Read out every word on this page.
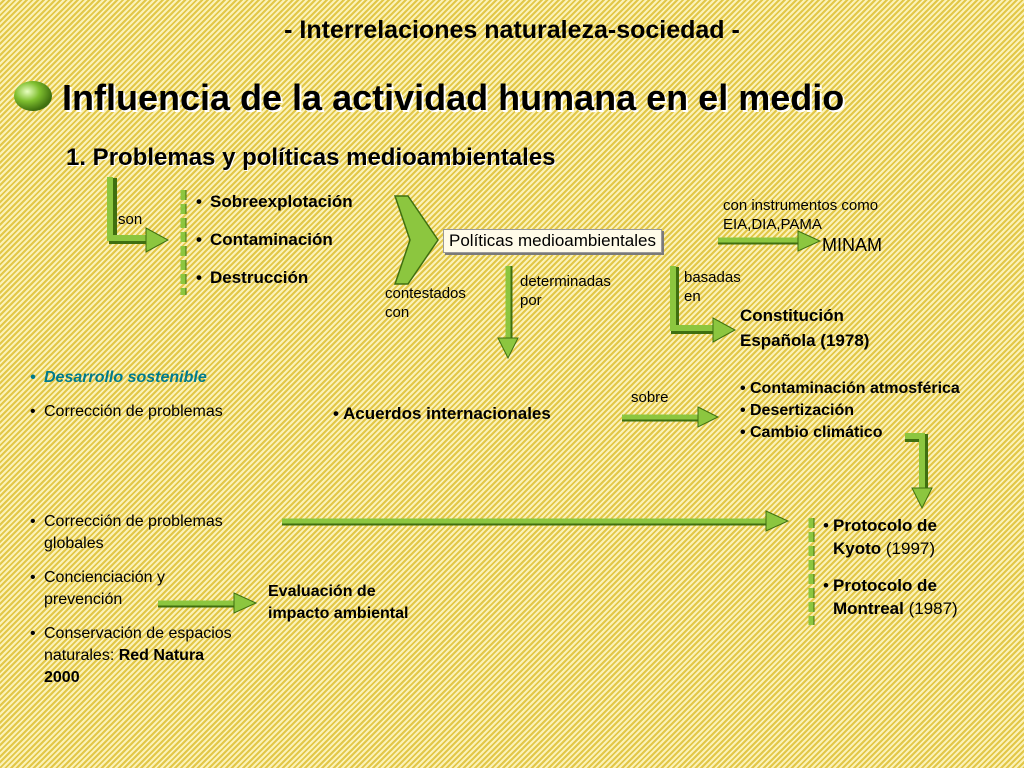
- Interrelaciones naturaleza-sociedad -
Influencia de la actividad humana en el medio
1. Problemas y políticas medioambientales
son
• Sobreexplotación
• Contaminación
• Destrucción
contestados
con
Políticas medioambientales
con instrumentos como
EIA,DIA,PAMA
MINAM
basadas
en
determinadas
por
Constitución
Española (1978)
• Desarrollo sostenible
• Corrección de problemas
•	Acuerdos internacionales
sobre
• Contaminación atmosférica
• Desertización
• Cambio climático
• Corrección de problemas
globales
• Concienciación y
prevención
• Conservación de espacios
naturales: Red Natura
2000
Evaluación de
impacto ambiental
• Protocolo de
Kyoto (1997)
• Protocolo de
Montreal (1987)
